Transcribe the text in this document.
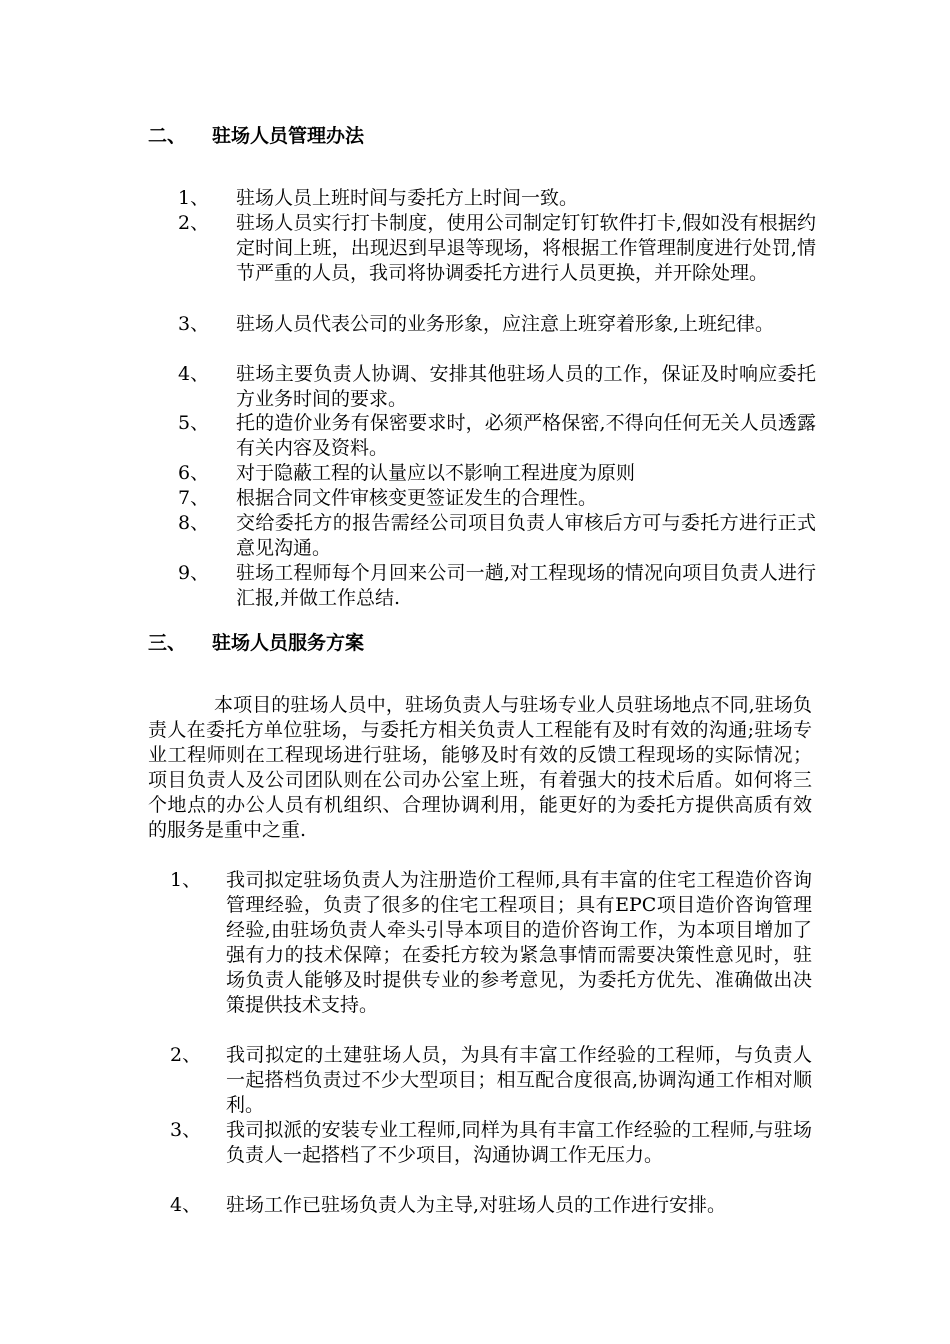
二、 驻场人员管理办法
1、	驻场人员上班时间与委托方上时间一致。
2、	驻场人员实行打卡制度，使用公司制定钉钉软件打卡,假如没有根据约定时间上班，出现迟到早退等现场，将根据工作管理制度进行处罚,情节严重的人员，我司将协调委托方进行人员更换，并开除处理。
3、	驻场人员代表公司的业务形象，应注意上班穿着形象,上班纪律。
4、	驻场主要负责人协调、安排其他驻场人员的工作，保证及时响应委托方业务时间的要求。
5、	托的造价业务有保密要求时，必须严格保密,不得向任何无关人员透露有关内容及资料。
6、	对于隐蔽工程的认量应以不影响工程进度为原则
7、	根据合同文件审核变更签证发生的合理性。
8、	交给委托方的报告需经公司项目负责人审核后方可与委托方进行正式意见沟通。
9、	驻场工程师每个月回来公司一趟,对工程现场的情况向项目负责人进行汇报,并做工作总结.
三、 驻场人员服务方案
本项目的驻场人员中，驻场负责人与驻场专业人员驻场地点不同,驻场负责人在委托方单位驻场，与委托方相关负责人工程能有及时有效的沟通;驻场专业工程师则在工程现场进行驻场，能够及时有效的反馈工程现场的实际情况；项目负责人及公司团队则在公司办公室上班，有着强大的技术后盾。如何将三个地点的办公人员有机组织、合理协调利用，能更好的为委托方提供高质有效的服务是重中之重.
1、	我司拟定驻场负责人为注册造价工程师,具有丰富的住宅工程造价咨询管理经验，负责了很多的住宅工程项目；具有EPC项目造价咨询管理经验,由驻场负责人牵头引导本项目的造价咨询工作，为本项目增加了强有力的技术保障；在委托方较为紧急事情而需要决策性意见时，驻场负责人能够及时提供专业的参考意见，为委托方优先、准确做出决策提供技术支持。
2、	我司拟定的土建驻场人员，为具有丰富工作经验的工程师，与负责人一起搭档负责过不少大型项目；相互配合度很高,协调沟通工作相对顺利。
3、	我司拟派的安装专业工程师,同样为具有丰富工作经验的工程师,与驻场负责人一起搭档了不少项目，沟通协调工作无压力。
4、	驻场工作已驻场负责人为主导,对驻场人员的工作进行安排。
